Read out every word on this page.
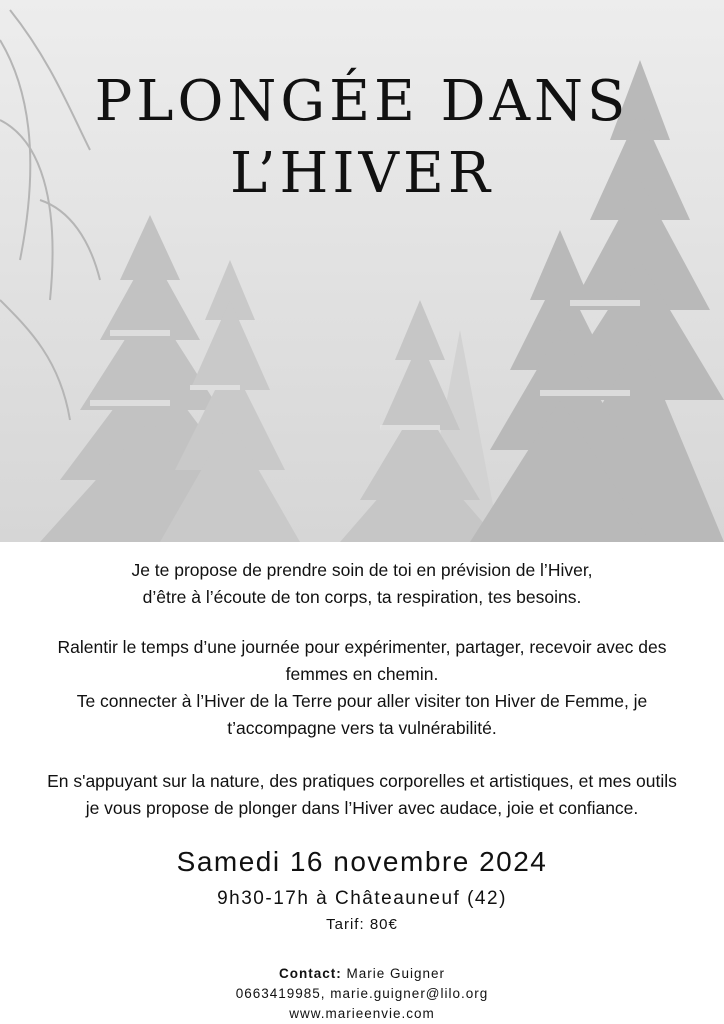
PLONGÉE DANS
L’HIVER

Je te propose de prendre soin de toi en prévision de l’Hiver,

d’être à l’écoute de ton corps, ta respiration, tes besoins.

Ralentir le temps d’une journée pour expérimenter, partager, recevoir avec des

femmes en chemin.

Te connecter à l’Hiver de la Terre pour aller visiter ton Hiver de Femme, je

t’accompagne vers ta vulnérabilité.

En s'appuyant sur la nature, des pratiques corporelles et artistiques, et mes outils

je vous propose de plonger dans l’Hiver avec audace, joie et confiance.

Samedi 16 novembre 2024
9h30-17h à Châteauneuf (42)
Tarif: 80€
Contact: Marie Guigner
0663419985, marie.guigner@lilo.org
www.marieenvie.com
